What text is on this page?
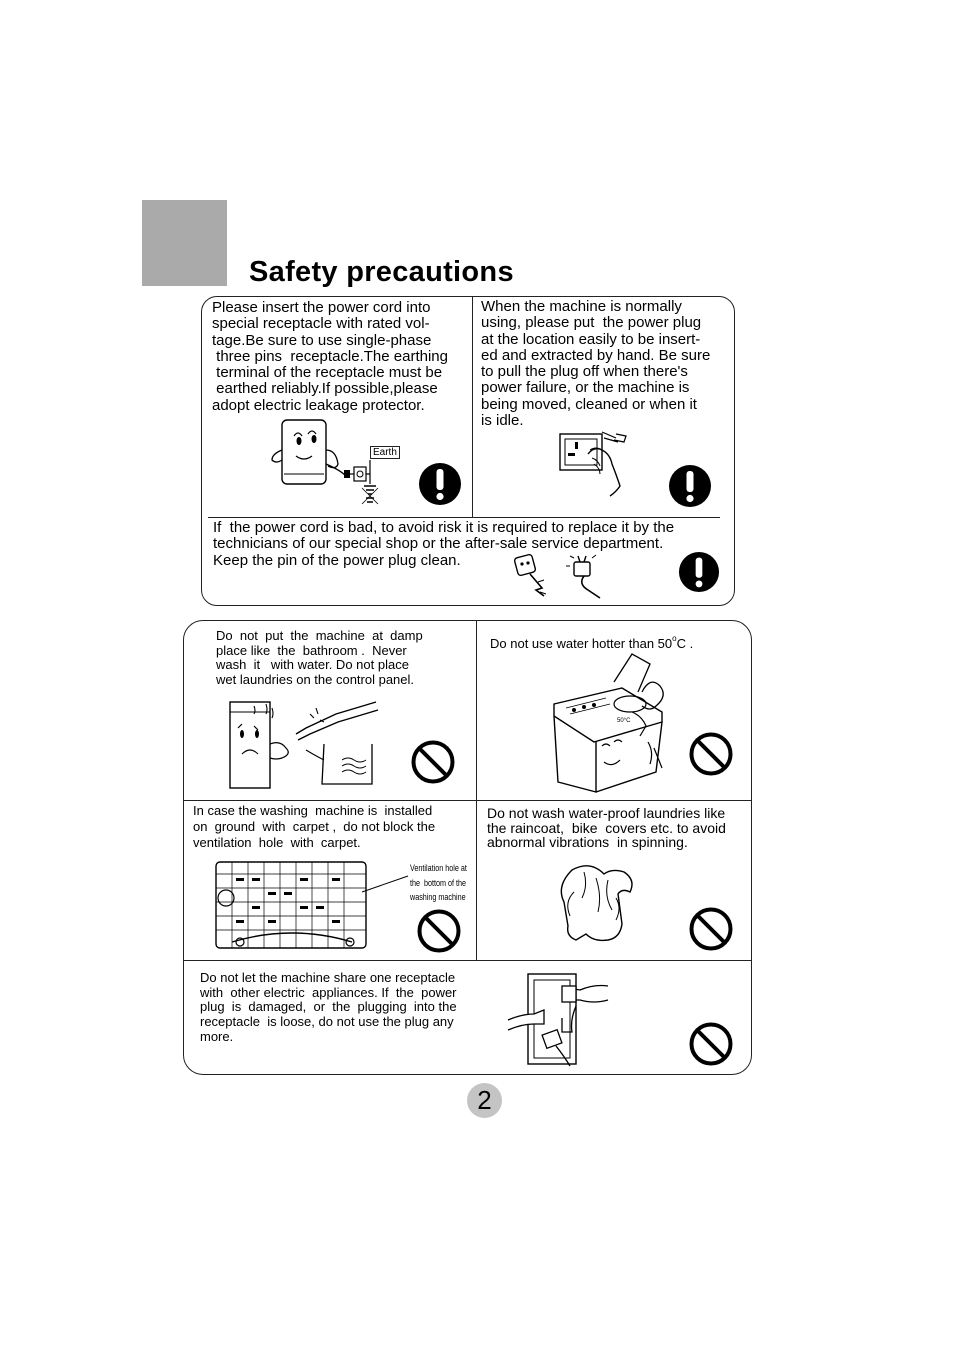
Safety precautions
Please insert the power cord into
special receptacle with rated vol-
tage.Be sure to use single-phase
three pins  receptacle.The earthing
terminal of the receptacle must be
earthed reliably.If possible,please
adopt electric leakage protector.
When the machine is normally
using, please put  the power plug
at the location easily to be insert-
ed and extracted by hand. Be sure
to pull the plug off when there's
power failure, or the machine is
being moved, cleaned or when it
is idle.
If  the power cord is bad, to avoid risk it is required to replace it by the
technicians of our special shop or the after-sale service department.
Keep the pin of the power plug clean.
Earth
Do  not  put  the  machine  at  damp
place like  the  bathroom .  Never
wash  it   with water. Do not place
wet laundries on the control panel.
Do not use water hotter than 50$^o$C .
50°C
In case the washing  machine is  installed
on  ground  with  carpet ,  do not block the
ventilation  hole  with  carpet.
Ventilation hole at
the  bottom of the
washing machine
Do not wash water-proof laundries like
the raincoat,  bike  covers etc. to avoid
abnormal vibrations  in spinning.
Do not let the machine share one receptacle
with  other electric  appliances. If  the  power
plug  is  damaged,  or  the  plugging  into the
receptacle  is loose, do not use the plug any
more.
2
